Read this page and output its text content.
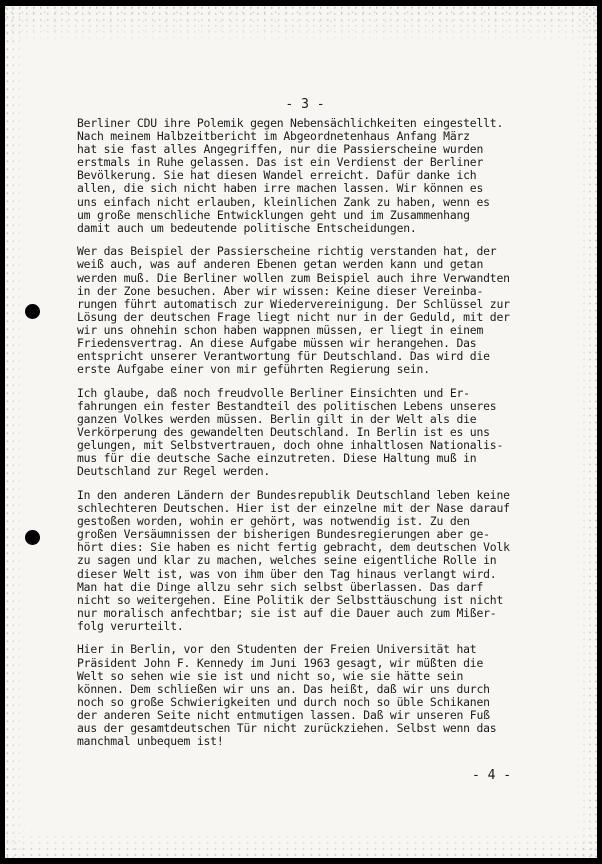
- 3 -

Berliner CDU ihre Polemik gegen Nebensächlichkeiten eingestellt.
Nach meinem Halbzeitbericht im Abgeordnetenhaus Anfang März
hat sie fast alles Angegriffen, nur die Passierscheine wurden
erstmals in Ruhe gelassen. Das ist ein Verdienst der Berliner
Bevölkerung. Sie hat diesen Wandel erreicht. Dafür danke ich
allen, die sich nicht haben irre machen lassen. Wir können es
uns einfach nicht erlauben, kleinlichen Zank zu haben, wenn es
um große menschliche Entwicklungen geht und im Zusammenhang
damit auch um bedeutende politische Entscheidungen.

Wer das Beispiel der Passierscheine richtig verstanden hat, der
weiß auch, was auf anderen Ebenen getan werden kann und getan
werden muß. Die Berliner wollen zum Beispiel auch ihre Verwandten
in der Zone besuchen. Aber wir wissen: Keine dieser Vereinba-
rungen führt automatisch zur Wiedervereinigung. Der Schlüssel zur
Lösung der deutschen Frage liegt nicht nur in der Geduld, mit der
wir uns ohnehin schon haben wappnen müssen, er liegt in einem
Friedensvertrag. An diese Aufgabe müssen wir herangehen. Das
entspricht unserer Verantwortung für Deutschland. Das wird die
erste Aufgabe einer von mir geführten Regierung sein.

Ich glaube, daß noch freudvolle Berliner Einsichten und Er-
fahrungen ein fester Bestandteil des politischen Lebens unseres
ganzen Volkes werden müssen. Berlin gilt in der Welt als die
Verkörperung des gewandelten Deutschland. In Berlin ist es uns
gelungen, mit Selbstvertrauen, doch ohne inhaltlosen Nationalis-
mus für die deutsche Sache einzutreten. Diese Haltung muß in
Deutschland zur Regel werden.

In den anderen Ländern der Bundesrepublik Deutschland leben keine
schlechteren Deutschen. Hier ist der einzelne mit der Nase darauf
gestoßen worden, wohin er gehört, was notwendig ist. Zu den
großen Versäumnissen der bisherigen Bundesregierungen aber ge-
hört dies: Sie haben es nicht fertig gebracht, dem deutschen Volk
zu sagen und klar zu machen, welches seine eigentliche Rolle in
dieser Welt ist, was von ihm über den Tag hinaus verlangt wird.
Man hat die Dinge allzu sehr sich selbst überlassen. Das darf
nicht so weitergehen. Eine Politik der Selbsttäuschung ist nicht
nur moralisch anfechtbar; sie ist auf die Dauer auch zum Mißer-
folg verurteilt.

Hier in Berlin, vor den Studenten der Freien Universität hat
Präsident John F. Kennedy im Juni 1963 gesagt, wir müßten die
Welt so sehen wie sie ist und nicht so, wie sie hätte sein
können. Dem schließen wir uns an. Das heißt, daß wir uns durch
noch so große Schwierigkeiten und durch noch so üble Schikanen
der anderen Seite nicht entmutigen lassen. Daß wir unseren Fuß
aus der gesamtdeutschen Tür nicht zurückziehen. Selbst wenn das
manchmal unbequem ist!

- 4 -
